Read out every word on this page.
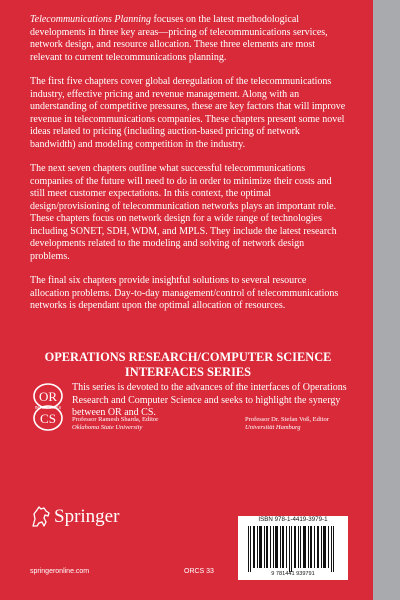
Telecommunications Planning focuses on the latest methodological developments in three key areas—pricing of telecommunications services, network design, and resource allocation. These three elements are most relevant to current telecommunications planning.

The first five chapters cover global deregulation of the telecommunications industry, effective pricing and revenue management. Along with an understanding of competitive pressures, these are key factors that will improve revenue in telecommunications companies. These chapters present some novel ideas related to pricing (including auction-based pricing of network bandwidth) and modeling competition in the industry.

The next seven chapters outline what successful telecommunications companies of the future will need to do in order to minimize their costs and still meet customer expectations. In this context, the optimal design/provisioning of telecommunication networks plays an important role. These chapters focus on network design for a wide range of technologies including SONET, SDH, WDM, and MPLS. They include the latest research developments related to the modeling and solving of network design problems.

The final six chapters provide insightful solutions to several resource allocation problems. Day-to-day management/control of telecommunications networks is dependant upon the optimal allocation of resources.

OPERATIONS RESEARCH/COMPUTER SCIENCE
INTERFACES SERIES
OR
INTERFACES
CS

This series is devoted to the advances of the interfaces of Operations Research and Computer Science and seeks to highlight the synergy between OR and CS.

Professor Ramesh Sharda, Editor
Oklahoma State University
Professor Dr. Stefan Voß, Editor
Universität Hamburg
Springer	ISBN 978-1-4419-3979-1
9 781441 939791
springeronline.com	ORCS 33
